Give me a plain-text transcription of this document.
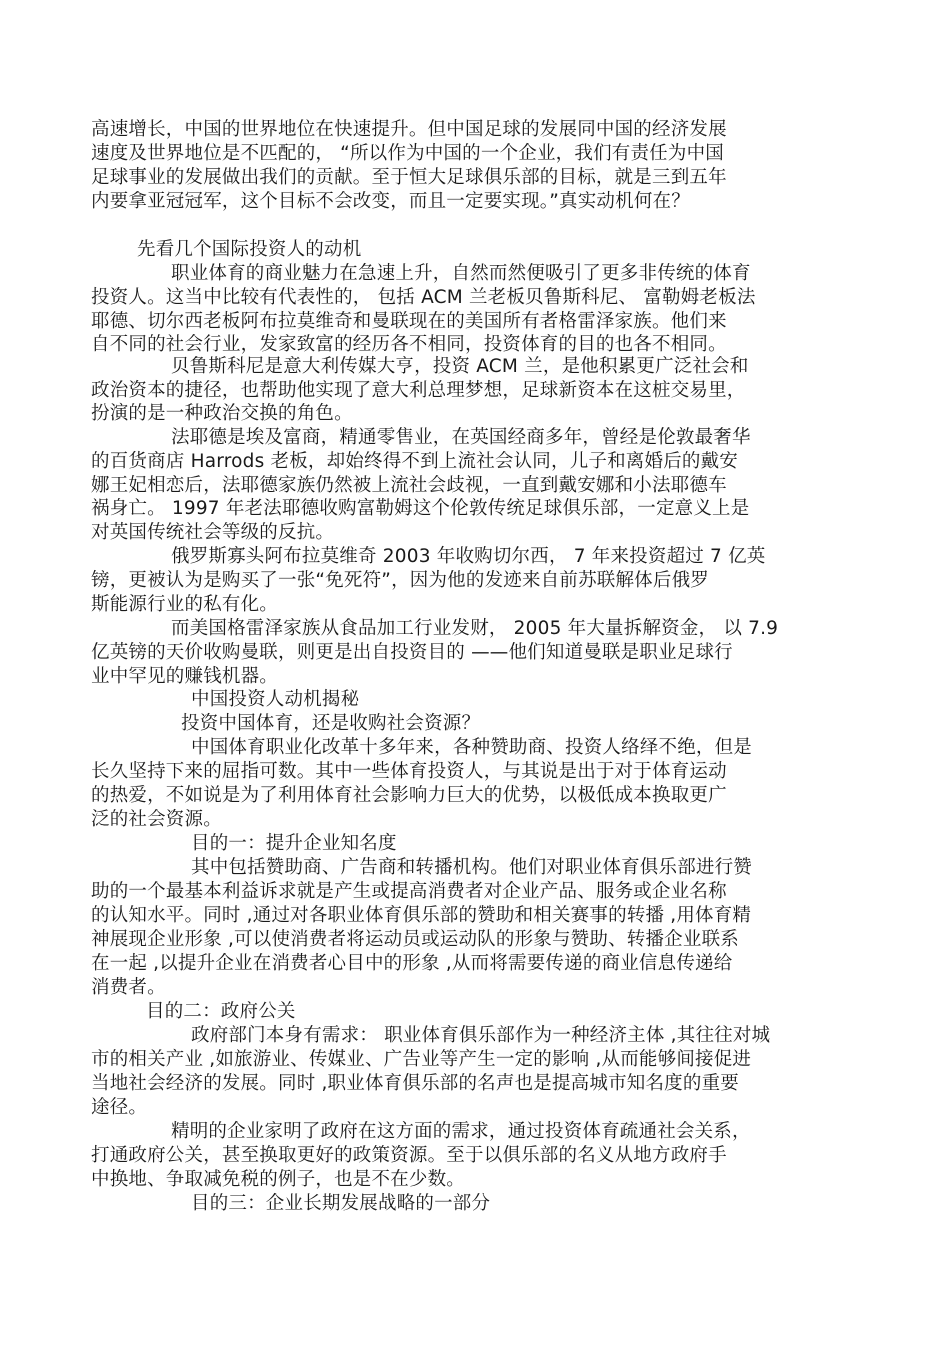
高速增长，中国的世界地位在快速提升。但中国足球的发展同中国的经济发展

速度及世界地位是不匹配的， “所以作为中国的一个企业，我们有责任为中国

足球事业的发展做出我们的贡献。至于恒大足球俱乐部的目标，就是三到五年

内要拿亚冠冠军，这个目标不会改变，而且一定要实现。”真实动机何在？

先看几个国际投资人的动机

职业体育的商业魅力在急速上升，自然而然便吸引了更多非传统的体育

投资人。这当中比较有代表性的， 包括 ACM 兰老板贝鲁斯科尼、 富勒姆老板法

耶德、切尔西老板阿布拉莫维奇和曼联现在的美国所有者格雷泽家族。他们来

自不同的社会行业，发家致富的经历各不相同，投资体育的目的也各不相同。

贝鲁斯科尼是意大利传媒大亨，投资 ACM 兰，是他积累更广泛社会和

政治资本的捷径，也帮助他实现了意大利总理梦想，足球新资本在这桩交易里，

扮演的是一种政治交换的角色。

法耶德是埃及富商，精通零售业，在英国经商多年，曾经是伦敦最奢华

的百货商店 Harrods 老板，却始终得不到上流社会认同，儿子和离婚后的戴安

娜王妃相恋后，法耶德家族仍然被上流社会歧视，一直到戴安娜和小法耶德车

祸身亡。 1997 年老法耶德收购富勒姆这个伦敦传统足球俱乐部，一定意义上是

对英国传统社会等级的反抗。

俄罗斯寡头阿布拉莫维奇 2003 年收购切尔西， 7 年来投资超过 7 亿英

镑，更被认为是购买了一张“免死符”，因为他的发迹来自前苏联解体后俄罗

斯能源行业的私有化。

而美国格雷泽家族从食品加工行业发财， 2005 年大量拆解资金， 以 7.9

亿英镑的天价收购曼联，则更是出自投资目的 ——他们知道曼联是职业足球行

业中罕见的赚钱机器。

中国投资人动机揭秘

投资中国体育，还是收购社会资源？

中国体育职业化改革十多年来，各种赞助商、投资人络绎不绝，但是

长久坚持下来的屈指可数。其中一些体育投资人，与其说是出于对于体育运动

的热爱，不如说是为了利用体育社会影响力巨大的优势，以极低成本换取更广

泛的社会资源。

目的一：提升企业知名度

其中包括赞助商、广告商和转播机构。他们对职业体育俱乐部进行赞

助的一个最基本利益诉求就是产生或提高消费者对企业产品、服务或企业名称

的认知水平。同时 ,通过对各职业体育俱乐部的赞助和相关赛事的转播 ,用体育精

神展现企业形象 ,可以使消费者将运动员或运动队的形象与赞助、转播企业联系

在一起 ,以提升企业在消费者心目中的形象 ,从而将需要传递的商业信息传递给

消费者。

目的二：政府公关

政府部门本身有需求： 职业体育俱乐部作为一种经济主体 ,其往往对城

市的相关产业 ,如旅游业、传媒业、广告业等产生一定的影响 ,从而能够间接促进

当地社会经济的发展。同时 ,职业体育俱乐部的名声也是提高城市知名度的重要

途径。

精明的企业家明了政府在这方面的需求，通过投资体育疏通社会关系，

打通政府公关，甚至换取更好的政策资源。至于以俱乐部的名义从地方政府手

中换地、争取减免税的例子，也是不在少数。

目的三：企业长期发展战略的一部分
